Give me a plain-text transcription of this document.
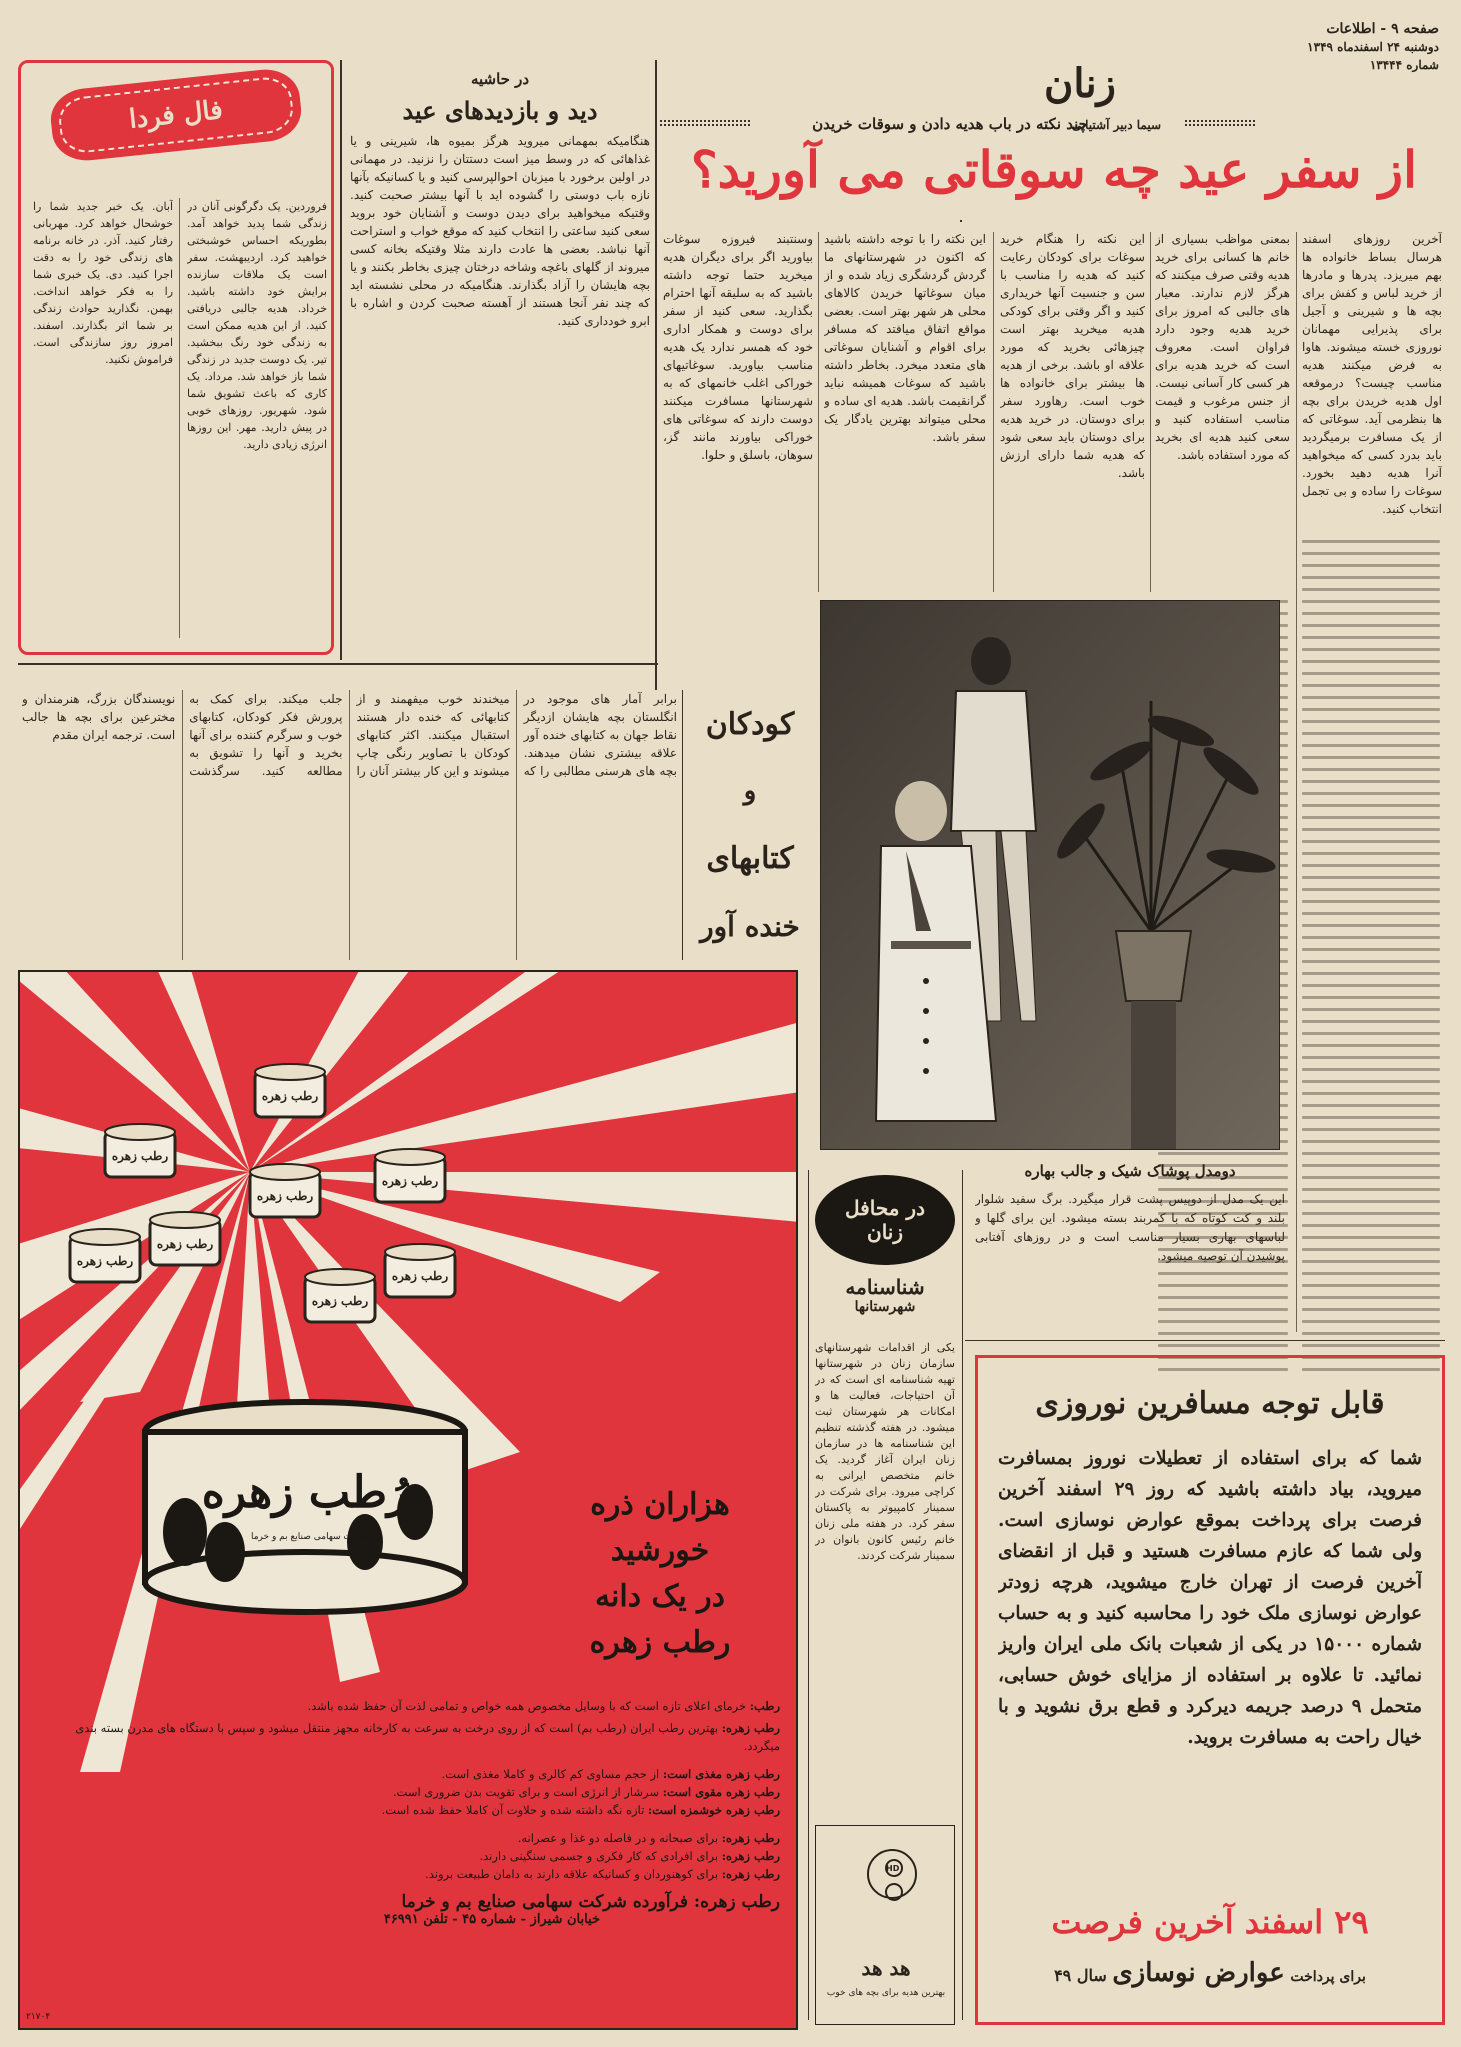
صفحه ۹ - اطلاعات
دوشنبه ۲۴ اسفندماه ۱۳۴۹
شماره ۱۳۴۴۴
زنان
سیما دبیر آشتیانی
چند نکته در باب هدیه دادن و سوقات خریدن
از سفر عید چه سوقاتی می آورید؟
فال فردا
فروردین. یک دگرگونی آنان در زندگی شما پدید خواهد آمد. بطوریکه احساس خوشبختی خواهید کرد. اردیبهشت. سفر است یک ملاقات سازنده برایش خود داشته باشید. خرداد. هدیه جالبی دریافتی کنید. از این هدیه ممکن است به زندگی خود رنگ ببخشید. تیر. یک دوست جدید در زندگی شما باز خواهد شد. مرداد. یک کاری که باعث تشویق شما شود. شهریور. روزهای خوبی در پیش دارید. مهر. این روزها انرژی زیادی دارید.
آبان. یک خبر جدید شما را خوشحال خواهد کرد. مهربانی رفتار کنید. آذر. در خانه برنامه های زندگی خود را به دقت اجرا کنید. دی. یک خبری شما را به فکر خواهد انداخت. بهمن. نگذارید حوادث زندگی بر شما اثر بگذارند. اسفند. امروز روز سازندگی است. فراموش نکنید.
در حاشیه
دید و بازدیدهای عید
هنگامیکه بمهمانی میروید هرگز بمیوه ها، شیرینی و یا غذاهائی که در وسط میز است دستتان را نزنید. در مهمانی در اولین برخورد با میزبان احوالپرسی کنید و یا کسانیکه بآنها نازه باب دوستی را گشوده اید با آنها بیشتر صحبت کنید. وقتیکه میخواهید برای دیدن دوست و آشنایان خود بروید سعی کنید ساعتی را انتخاب کنید که موقع خواب و استراحت آنها نباشد. بعضی ها عادت دارند مثلا وقتیکه بخانه کسی میروند از گلهای باغچه وشاخه درختان چیزی بخاطر بکنند و یا بچه هایشان را آزاد بگذارند. هنگامیکه در محلی نشسته اید که چند نفر آنجا هستند از آهسته صحبت کردن و اشاره با ابرو خودداری کنید.
آخرین روزهای اسفند هرسال بساط خانواده ها بهم میریزد. پدرها و مادرها از خرید لباس و کفش برای بچه ها و شیرینی و آجیل برای پذیرایی مهمانان نوروزی خسته میشوند. هاوا به فرض میکنند هدیه مناسب چیست؟ درموقعه اول هدیه خریدن برای بچه ها بنظرمی آید. سوغاتی که از یک مسافرت برمیگردید باید بدرد کسی که میخواهید آنرا هدیه دهید بخورد. سوغات را ساده و بی تجمل انتخاب کنید.
بمعنی مواظب بسیاری از خانم ها کسانی برای خرید هدیه وقتی صرف میکنند که هرگز لازم ندارند. معیار های جالبی که امروز برای خرید هدیه وجود دارد فراوان است. معروف است که خرید هدیه برای هر کسی کار آسانی نیست. از جنس مرغوب و قیمت مناسب استفاده کنید و سعی کنید هدیه ای بخرید که مورد استفاده باشد.
این نکته را هنگام خرید سوغات برای کودکان رعایت کنید که هدیه را مناسب با سن و جنسیت آنها خریداری کنید و اگر وقتی برای کودکی هدیه میخرید بهتر است چیزهائی بخرید که مورد علاقه او باشد. برخی از هدیه ها بیشتر برای خانواده ها خوب است. رهاورد سفر برای دوستان. در خرید هدیه برای دوستان باید سعی شود که هدیه شما دارای ارزش باشد.
این نکته را با توجه داشته باشید که اکنون در شهرستانهای ما گردش گردشگری زیاد شده و از میان سوغاتها خریدن کالاهای محلی هر شهر بهتر است. بعضی مواقع اتفاق میافتد که مسافر برای اقوام و آشنایان سوغاتی های متعدد میخرد. بخاطر داشته باشید که سوغات همیشه نباید گرانقیمت باشد. هدیه ای ساده و محلی میتواند بهترین یادگار یک سفر باشد.
وسنتبند فیروزه سوغات بیاورید اگر برای دیگران هدیه میخرید حتما توجه داشته باشید که به سلیقه آنها احترام بگذارید. سعی کنید از سفر برای دوست و همکار اداری خود که همسر ندارد یک هدیه مناسب بیاورید. سوغاتیهای خوراکی اغلب خانمهای که به شهرستانها مسافرت میکنند دوست دارند که سوغاتی های خوراکی بیاورند مانند گز، سوهان، باسلق و حلوا.
دومدل پوشاک شیک و جالب بهاره
این یک مدل از دوپیس پشت قرار میگیرد. برگ سفید شلوار بلند و کت کوتاه که با کمربند بسته میشود. این برای گلها و لباسهای بهاری بسیار مناسب است و در روزهای آفتابی پوشیدن آن توصیه میشود.
کودکان
و
کتابهای
خنده آور
برابر آمار های موجود در انگلستان بچه هایشان ازدیگر نقاط جهان به کتابهای خنده آور علاقه بیشتری نشان میدهند. بچه های هرسنی مطالبی را که میخندند خوب میفهمند و از کتابهائی که خنده دار هستند استقبال میکنند. اکثر کتابهای کودکان با تصاویر رنگی چاپ میشوند و این کار بیشتر آنان را جلب میکند. برای کمک به پرورش فکر کودکان، کتابهای خوب و سرگرم کننده برای آنها بخرید و آنها را تشویق به مطالعه کنید. سرگذشت نویسندگان بزرگ، هنرمندان و مخترعین برای بچه ها جالب است. ترجمه ایران مقدم
رطب زهره
رطب زهره
رطب زهره
رطب زهره
رطب زهره
رطب زهره
رطب زهره
رطب زهره
رُطب زهره
شرکت سهامی صنایع بم و خرما
هزاران ذره
خورشید
در یک دانه
رطب زهره
رطب: خرمای اعلای تازه است که با وسایل مخصوص همه خواص و تمامی لذت آن حفظ شده باشد.
رطب زهره: بهترین رطب ایران (رطب بم) است که از روی درخت به سرعت به کارخانه مجهز منتقل میشود و سپس با دستگاه های مدرن بسته بندی میگردد.
رطب زهره مغذی است: از حجم مساوی کم کالری و کاملا مغذی است.
رطب زهره مقوی است: سرشار از انرژی است و برای تقویت بدن ضروری است.
رطب زهره خوشمزه است: تازه نگه داشته شده و حلاوت آن کاملا حفظ شده است.
رطب زهره: برای صبحانه و در فاصله دو غذا و عصرانه.
رطب زهره: برای افرادی که کار فکری و جسمی سنگینی دارند.
رطب زهره: برای کوهنوردان و کسانیکه علاقه دارند به دامان طبیعت بروند.
رطب زهره: فرآورده شرکت سهامی صنایع بم و خرما
خیابان شیراز - شماره ۴۵ - تلفن ۴۶۹۹۱
۲۱۷۰۴
در محافل
زنان
شناسنامه
شهرستانها
یکی از اقدامات شهرستانهای سازمان زنان در شهرستانها تهیه شناسنامه ای است که در آن احتیاجات، فعالیت ها و امکانات هر شهرستان ثبت میشود. در هفته گذشته تنظیم این شناسنامه ها در سازمان زنان ایران آغاز گردید. یک خانم متخصص ایرانی به کراچی میرود. برای شرکت در سمینار کامپیوتر به پاکستان سفر کرد. در هفته ملی زنان خانم رئیس کانون بانوان در سمینار شرکت کردند.
HD
هد هد
بهترین هدیه برای بچه های خوب
قابل توجه مسافرین نوروزی
شما که برای استفاده از تعطیلات نوروز بمسافرت میروید، بیاد داشته باشید که روز ۲۹ اسفند آخرین فرصت برای پرداخت بموقع عوارض نوسازی است. ولی شما که عازم مسافرت هستید و قبل از انقضای آخرین فرصت از تهران خارج میشوید، هرچه زودتر عوارض نوسازی ملک خود را محاسبه کنید و به حساب شماره ۱۵۰۰۰ در یکی از شعبات بانک ملی ایران واریز نمائید. تا علاوه بر استفاده از مزایای خوش حسابی، متحمل ۹ درصد جریمه دیرکرد و قطع برق نشوید و با خیال راحت به مسافرت بروید.
۲۹ اسفند آخرین فرصت
برای پرداخت عوارض نوسازی سال ۴۹
